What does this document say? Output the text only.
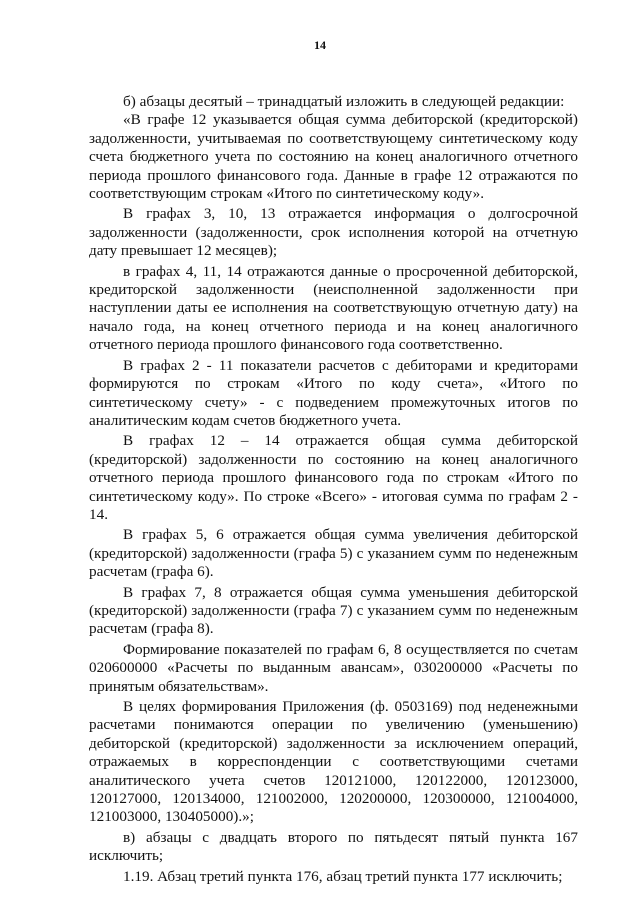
14

б) абзацы десятый – тринадцатый изложить в следующей редакции:

«В графе 12 указывается общая сумма дебиторской (кредиторской) задолженности, учитываемая по соответствующему синтетическому коду счета бюджетного учета по состоянию на конец аналогичного отчетного периода прошлого финансового года. Данные в графе 12 отражаются по соответствующим строкам «Итого по синтетическому коду».

В графах 3, 10, 13 отражается информация о долгосрочной задолженности (задолженности, срок исполнения которой на отчетную дату превышает 12 месяцев);

в графах 4, 11, 14 отражаются данные о просроченной дебиторской, кредиторской задолженности (неисполненной задолженности при наступлении даты ее исполнения на соответствующую отчетную дату) на начало года, на конец отчетного периода и на конец аналогичного отчетного периода прошлого финансового года соответственно.

В графах 2 - 11 показатели расчетов с дебиторами и кредиторами формируются по строкам «Итого по коду счета», «Итого по синтетическому счету» - с подведением промежуточных итогов по аналитическим кодам счетов бюджетного учета.

В графах 12 – 14 отражается общая сумма дебиторской (кредиторской) задолженности по состоянию на конец аналогичного отчетного периода прошлого финансового года по строкам «Итого по синтетическому коду». По строке «Всего» - итоговая сумма по графам 2 - 14.

В графах 5, 6 отражается общая сумма увеличения дебиторской (кредиторской) задолженности (графа 5) с указанием сумм по неденежным расчетам (графа 6).

В графах 7, 8 отражается общая сумма уменьшения дебиторской (кредиторской) задолженности (графа 7) с указанием сумм по неденежным расчетам (графа 8).

Формирование показателей по графам 6, 8 осуществляется по счетам 020600000 «Расчеты по выданным авансам», 030200000 «Расчеты по принятым обязательствам».

В целях формирования Приложения (ф. 0503169) под неденежными расчетами понимаются операции по увеличению (уменьшению) дебиторской (кредиторской) задолженности за исключением операций, отражаемых в корреспонденции с соответствующими счетами аналитического учета счетов 120121000, 120122000, 120123000, 120127000, 120134000, 121002000, 120200000, 120300000, 121004000, 121003000, 130405000).»;

в) абзацы с двадцать второго по пятьдесят пятый пункта 167 исключить;

1.19. Абзац третий пункта 176, абзац третий пункта 177 исключить;
